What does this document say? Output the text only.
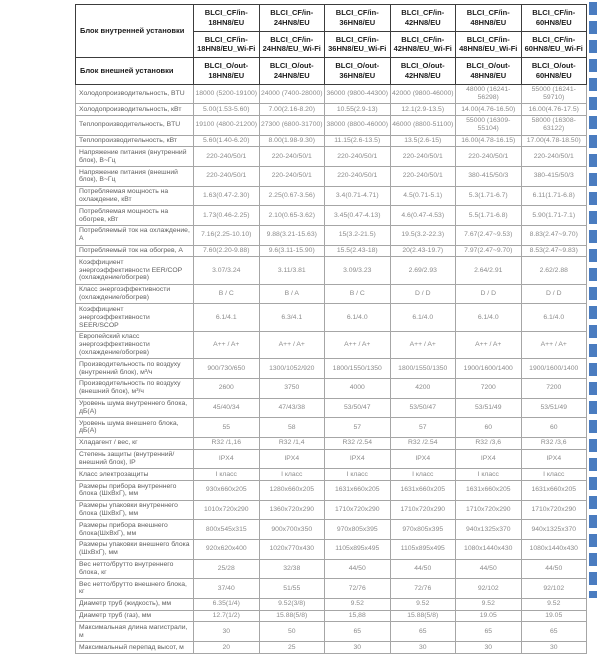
Блок внутренней установки	BLCI_CF/in-18HN8/EU	BLCI_CF/in-24HN8/EU	BLCI_CF/in-36HN8/EU	BLCI_CF/in-42HN8/EU	BLCI_CF/in-48HN8/EU	BLCI_CF/in-60HN8/EU
	BLCI_CF/in-18HN8/EU_Wi-Fi	BLCI_CF/in-24HN8/EU_Wi-Fi	BLCI_CF/in-36HN8/EU_Wi-Fi	BLCI_CF/in-42HN8/EU_Wi-Fi	BLCI_CF/in-48HN8/EU_Wi-Fi	BLCI_CF/in-60HN8/EU_Wi-Fi
Блок внешней установки	BLCI_O/out-18HN8/EU	BLCI_O/out-24HN8/EU	BLCI_O/out-36HN8/EU	BLCI_O/out-42HN8/EU	BLCI_O/out-48HN8/EU	BLCI_O/out-60HN8/EU
Холодопроизводительность, BTU	18000 (5200-19100)	24000 (7400-28000)	36000 (9800-44300)	42000 (9800-46000)	48000 (16241-56298)	55000 (16241-59710)
Холодопроизводительность, кВт	5.00(1.53-5.60)	7.00(2.16-8.20)	10.55(2.9-13)	12.1(2.9-13.5)	14.00(4.76-16.50)	16.00(4.76-17.5)
Теплопроизводительность, BTU	19100 (4800-21200)	27300 (6800-31700)	38000 (8800-46000)	46000 (8800-51100)	55000 (16309-55104)	58000 (16308-63122)
Теплопроизводительность, кВт	5.60(1.40-6.20)	8.00(1.98-9.30)	11.15(2.6-13.5)	13.5(2.6-15)	16.00(4.78-16.15)	17.00(4.78-18.50)
Напряжение питания (внутренний блок), В~Гц	220-240/50/1	220-240/50/1	220-240/50/1	220-240/50/1	220-240/50/1	220-240/50/1
Напряжение питания (внешний блок), В~Гц	220-240/50/1	220-240/50/1	220-240/50/1	220-240/50/1	380-415/50/3	380-415/50/3
Потребляемая мощность на охлаждение, кВт	1.63(0.47-2.30)	2.25(0.67-3.56)	3.4(0.71-4.71)	4.5(0.71-5.1)	5.3(1.71-6.7)	6.11(1.71-6.8)
Потребляемая мощность на обогрев, кВт	1.73(0.46-2.25)	2.10(0.65-3.62)	3.45(0.47-4.13)	4.6(0.47-4.53)	5.5(1.71-6.8)	5.90(1.71-7.1)
Потребляемый ток на охлаждение, А	7.16(2.25-10.10)	9.88(3.21-15.63)	15(3.2-21.5)	19.5(3.2-22.3)	7.67(2.47~9.53)	8.83(2.47~9.70)
Потребляемый ток на обогрев, А	7.60(2.20-9.88)	9.6(3.11-15.90)	15.5(2.43-18)	20(2.43-19.7)	7.97(2.47~9.70)	8.53(2.47~9.83)
Коэффициент энергоэффективности EER/COP (охлаждение/обогрев)	3.07/3.24	3.11/3.81	3.09/3.23	2.69/2.93	2.64/2.91	2.62/2.88
Класс энергоэффективности (охлаждение/обогрев)	B / C	B / A	B / C	D / D	D / D	D / D
Коэффициент энергоэффективности SEER/SCOP	6.1/4.1	6.3/4.1	6.1/4.0	6.1/4.0	6.1/4.0	6.1/4.0
Европейский класс энергоэффективности (охлаждение/обогрев)	A++ / A+	A++ / A+	A++ / A+	A++ / A+	A++ / A+	A++ / A+
Производительность по воздуху (внутренний блок), м³/ч	900/730/650	1300/1052/920	1800/1550/1350	1800/1550/1350	1900/1600/1400	1900/1600/1400
Производительность по воздуху (внешний блок), м³/ч	2600	3750	4000	4200	7200	7200
Уровень шума внутреннего блока, дБ(А)	45/40/34	47/43/38	53/50/47	53/50/47	53/51/49	53/51/49
Уровень шума внешнего блока, дБ(А)	55	58	57	57	60	60
Хладагент / вес, кг	R32 /1,16	R32 /1,4	R32 /2.54	R32 /2.54	R32 /3,6	R32 /3,6
Степень защиты (внутренний/внешний блок), IP	IPX4	IPX4	IPX4	IPX4	IPX4	IPX4
Класс электрозащиты	I класс	I класс	I класс	I класс	I класс	I класс
Размеры прибора внутреннего блока (ШхВхГ), мм	930х660х205	1280х660х205	1631х660х205	1631х660х205	1631х660х205	1631х660х205
Размеры упаковки внутреннего блока (ШхВхГ), мм	1010х720х290	1360х720х290	1710х720х290	1710х720х290	1710х720х290	1710х720х290
Размеры прибора внешнего блока(ШхВхГ), мм	800х545х315	900х700х350	970х805х395	970х805х395	940х1325х370	940х1325х370
Размеры упаковки внешнего блока (ШхВхГ), мм	920х620х400	1020х770х430	1105х895х495	1105х895х495	1080х1440х430	1080х1440х430
Вес нетто/брутто внутреннего блока, кг	25/28	32/38	44/50	44/50	44/50	44/50
Вес нетто/брутто внешнего блока, кг	37/40	51/55	72/76	72/76	92/102	92/102
Диаметр труб (жидкость), мм	6.35(1/4)	9.52(3/8)	9.52	9.52	9.52	9.52
Диаметр труб (газ), мм	12.7(1/2)	15.88(5/8)	15,88	15.88(5/8)	19.05	19.05
Максимальная длина магистрали, м	30	50	65	65	65	65
Максимальный перепад высот, м	20	25	30	30	30	30
